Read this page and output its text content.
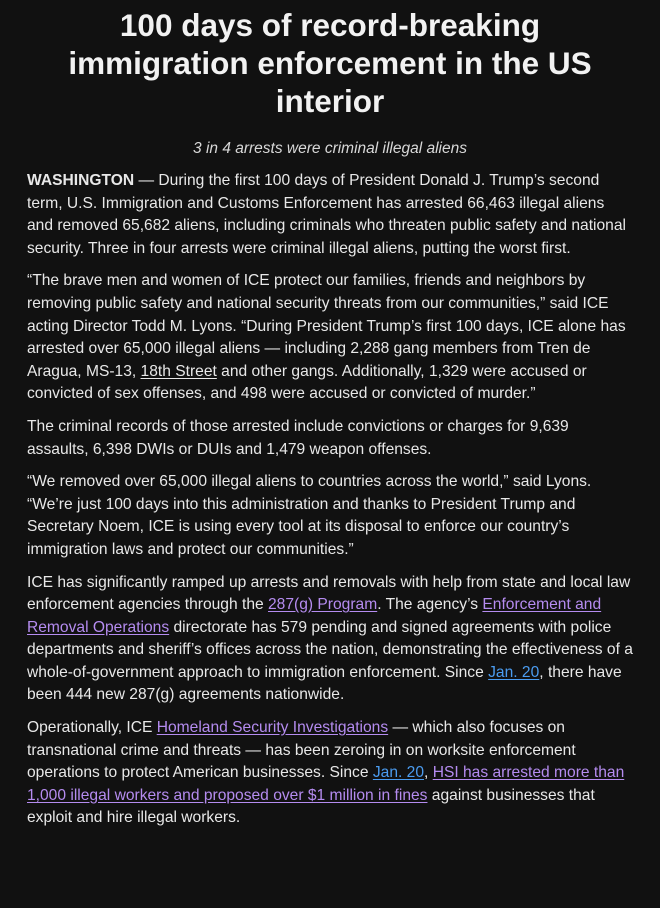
100 days of record-breaking immigration enforcement in the US interior
3 in 4 arrests were criminal illegal aliens

WASHINGTON — During the first 100 days of President Donald J. Trump’s second term, U.S. Immigration and Customs Enforcement has arrested 66,463 illegal aliens and removed 65,682 aliens, including criminals who threaten public safety and national security. Three in four arrests were criminal illegal aliens, putting the worst first.

“The brave men and women of ICE protect our families, friends and neighbors by removing public safety and national security threats from our communities,” said ICE acting Director Todd M. Lyons. “During President Trump’s first 100 days, ICE alone has arrested over 65,000 illegal aliens — including 2,288 gang members from Tren de Aragua, MS-13, 18th Street and other gangs. Additionally, 1,329 were accused or convicted of sex offenses, and 498 were accused or convicted of murder.”

The criminal records of those arrested include convictions or charges for 9,639 assaults, 6,398 DWIs or DUIs and 1,479 weapon offenses.

“We removed over 65,000 illegal aliens to countries across the world,” said Lyons. “We’re just 100 days into this administration and thanks to President Trump and Secretary Noem, ICE is using every tool at its disposal to enforce our country’s immigration laws and protect our communities.”

ICE has significantly ramped up arrests and removals with help from state and local law enforcement agencies through the 287(g) Program. The agency’s Enforcement and Removal Operations directorate has 579 pending and signed agreements with police departments and sheriff’s offices across the nation, demonstrating the effectiveness of a whole-of-government approach to immigration enforcement. Since Jan. 20, there have been 444 new 287(g) agreements nationwide.

Operationally, ICE Homeland Security Investigations — which also focuses on transnational crime and threats — has been zeroing in on worksite enforcement operations to protect American businesses. Since Jan. 20, HSI has arrested more than 1,000 illegal workers and proposed over $1 million in fines against businesses that exploit and hire illegal workers.
